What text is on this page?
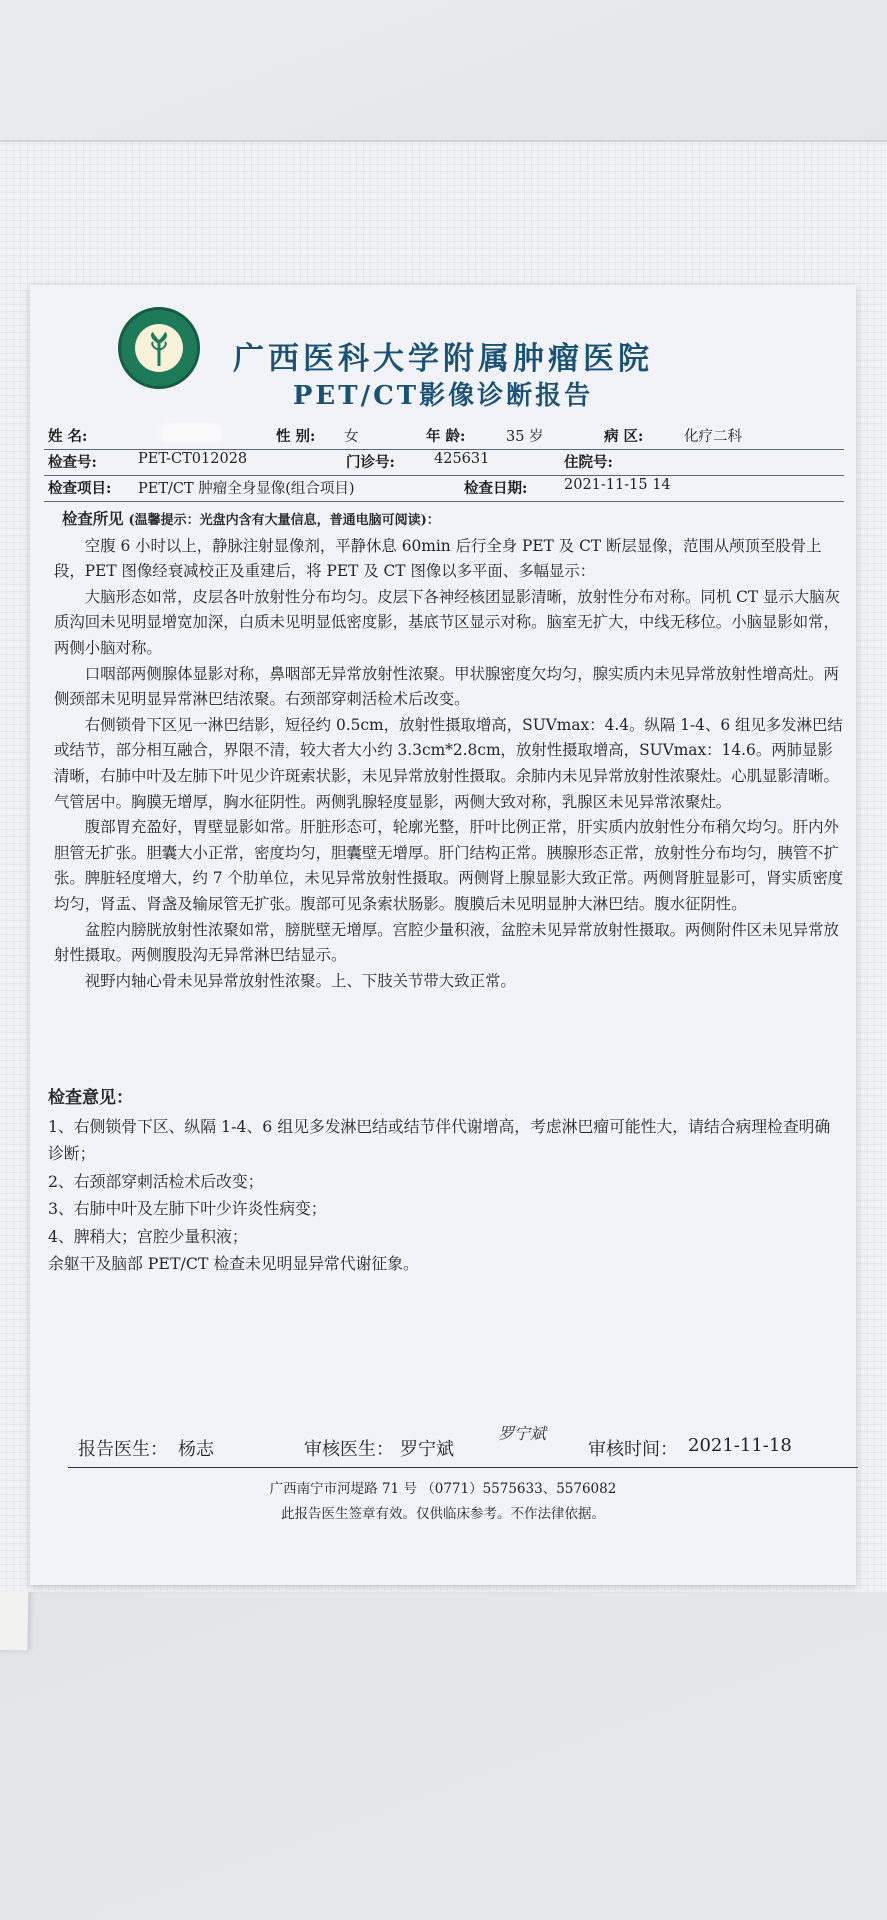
广西医科大学附属肿瘤医院
PET/CT影像诊断报告
姓 名:	性 别: 女	年 龄:	35 岁	病 区:	化疗二科
检查号:	PET-CT012028	门诊号:	425631	住院号:
检查项目: PET/CT 肿瘤全身显像(组合项目)	检查日期:	2021-11-15 14
检查所见 (温馨提示：光盘内含有大量信息，普通电脑可阅读)：

空腹 6 小时以上，静脉注射显像剂，平静休息 60min 后行全身 PET 及 CT 断层显像，范围从颅顶至股骨上段，PET 图像经衰减校正及重建后，将 PET 及 CT 图像以多平面、多幅显示：

大脑形态如常，皮层各叶放射性分布均匀。皮层下各神经核团显影清晰，放射性分布对称。同机 CT 显示大脑灰质沟回未见明显增宽加深，白质未见明显低密度影，基底节区显示对称。脑室无扩大，中线无移位。小脑显影如常，两侧小脑对称。

口咽部两侧腺体显影对称，鼻咽部无异常放射性浓聚。甲状腺密度欠均匀，腺实质内未见异常放射性增高灶。两侧颈部未见明显异常淋巴结浓聚。右颈部穿刺活检术后改变。

右侧锁骨下区见一淋巴结影，短径约 0.5cm，放射性摄取增高，SUVmax：4.4。纵隔 1-4、6 组见多发淋巴结或结节，部分相互融合，界限不清，较大者大小约 3.3cm*2.8cm，放射性摄取增高，SUVmax：14.6。两肺显影清晰，右肺中叶及左肺下叶见少许斑索状影，未见异常放射性摄取。余肺内未见异常放射性浓聚灶。心肌显影清晰。气管居中。胸膜无增厚，胸水征阴性。两侧乳腺轻度显影，两侧大致对称，乳腺区未见异常浓聚灶。

腹部胃充盈好，胃壁显影如常。肝脏形态可，轮廓光整，肝叶比例正常，肝实质内放射性分布稍欠均匀。肝内外胆管无扩张。胆囊大小正常，密度均匀，胆囊壁无增厚。肝门结构正常。胰腺形态正常，放射性分布均匀，胰管不扩张。脾脏轻度增大，约 7 个肋单位，未见异常放射性摄取。两侧肾上腺显影大致正常。两侧肾脏显影可，肾实质密度均匀，肾盂、肾盏及输尿管无扩张。腹部可见条索状肠影。腹膜后未见明显肿大淋巴结。腹水征阴性。

盆腔内膀胱放射性浓聚如常，膀胱壁无增厚。宫腔少量积液，盆腔未见异常放射性摄取。两侧附件区未见异常放射性摄取。两侧腹股沟无异常淋巴结显示。

视野内轴心骨未见异常放射性浓聚。上、下肢关节带大致正常。

检查意见：

1、右侧锁骨下区、纵隔 1-4、6 组见多发淋巴结或结节伴代谢增高，考虑淋巴瘤可能性大，请结合病理检查明确诊断；

2、右颈部穿刺活检术后改变；

3、右肺中叶及左肺下叶少许炎性病变；

4、脾稍大；宫腔少量积液；

余躯干及脑部 PET/CT 检查未见明显异常代谢征象。

报告医生： 杨志	审核医生： 罗宁斌
罗宁斌
审核时间： 2021-11-18
广西南宁市河堤路 71 号 （0771）5575633、5576082
此报告医生签章有效。仅供临床参考。不作法律依据。
